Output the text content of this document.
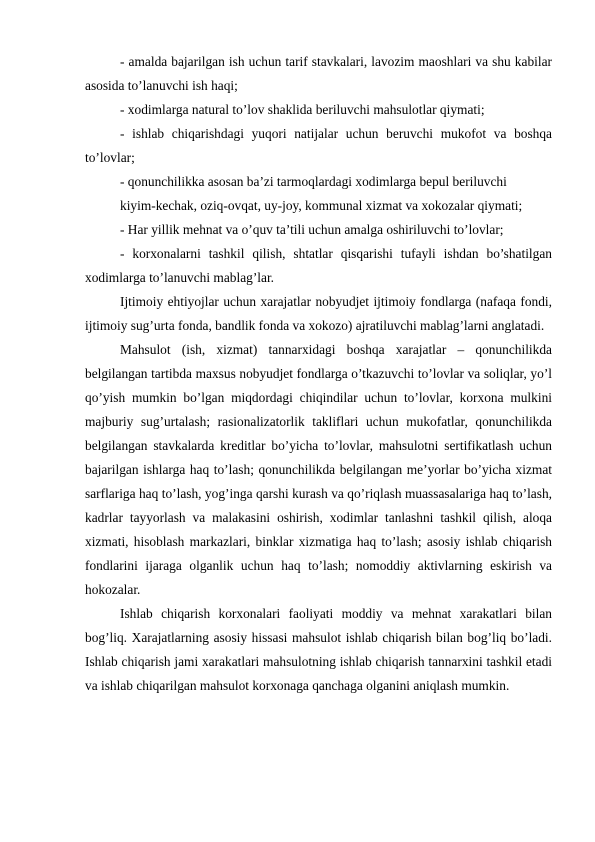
- amalda bajarilgan ish uchun tarif stavkalari, lavozim maoshlari va shu kabilar asosida to’lanuvchi ish haqi;

- xodimlarga natural to’lov shaklida beriluvchi mahsulotlar qiymati;

- ishlab chiqarishdagi yuqori natijalar uchun beruvchi mukofot va boshqa to’lovlar;

- qonunchilikka asosan ba’zi tarmoqlardagi xodimlarga bepul beriluvchi

kiyim-kechak, oziq-ovqat, uy-joy, kommunal xizmat va xokozalar qiymati;

- Har yillik mehnat va o’quv ta’tili uchun amalga oshiriluvchi to’lovlar;

- korxonalarni tashkil qilish, shtatlar qisqarishi tufayli ishdan bo’shatilgan xodimlarga to’lanuvchi mablag’lar.

Ijtimoiy ehtiyojlar uchun xarajatlar nobyudjet ijtimoiy fondlarga (nafaqa fondi, ijtimoiy sug’urta fonda, bandlik fonda va xokozo) ajratiluvchi mablag’larni anglatadi.

Mahsulot (ish, xizmat) tannarxidagi boshqa xarajatlar – qonunchilikda belgilangan tartibda maxsus nobyudjet fondlarga o’tkazuvchi to’lovlar va soliqlar, yo’l qo’yish mumkin bo’lgan miqdordagi chiqindilar uchun to’lovlar, korxona mulkini majburiy sug’urtalash; rasionalizatorlik takliflari uchun mukofatlar, qonunchilikda belgilangan stavkalarda kreditlar bo’yicha to’lovlar, mahsulotni sertifikatlash uchun bajarilgan ishlarga haq to’lash; qonunchilikda belgilangan me’yorlar bo’yicha xizmat sarflariga haq to’lash, yog’inga qarshi kurash va qo’riqlash muassasalariga haq to’lash, kadrlar tayyorlash va malakasini oshirish, xodimlar tanlashni tashkil qilish, aloqa xizmati, hisoblash markazlari, binklar xizmatiga haq to’lash; asosiy ishlab chiqarish fondlarini ijaraga olganlik uchun haq to’lash; nomoddiy aktivlarning eskirish va hokozalar.

Ishlab chiqarish korxonalari faoliyati moddiy va mehnat xarakatlari bilan bog’liq. Xarajatlarning asosiy hissasi mahsulot ishlab chiqarish bilan bog’liq bo’ladi. Ishlab chiqarish jami xarakatlari mahsulotning ishlab chiqarish tannarxini tashkil etadi va ishlab chiqarilgan mahsulot korxonaga qanchaga olganini aniqlash mumkin.
